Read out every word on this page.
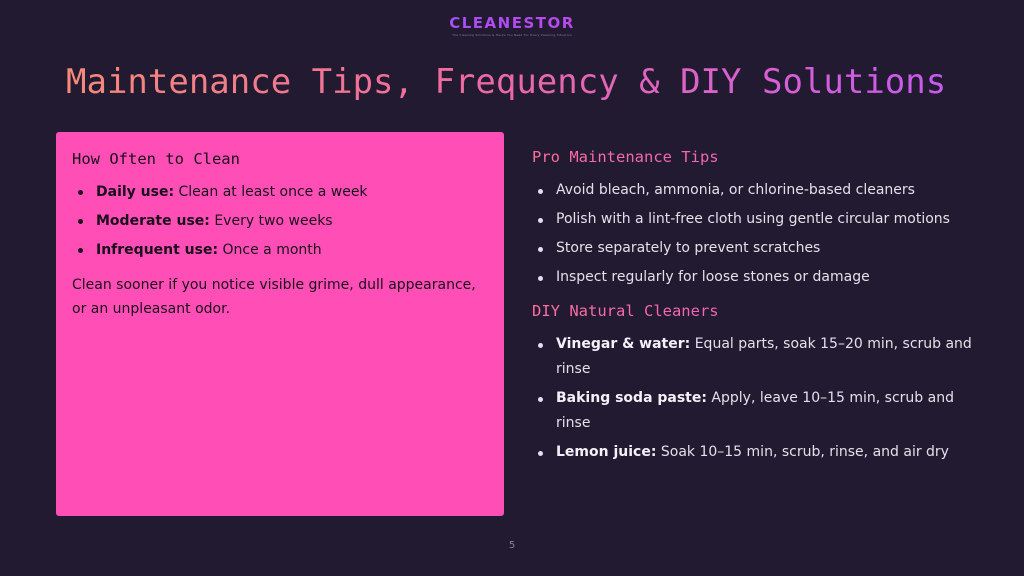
CLEANESTOR
The Cleaning Solutions & Hacks You Need For Every Cleaning Situation
Maintenance Tips, Frequency & DIY Solutions
How Often to Clean
Daily use: Clean at least once a week
Moderate use: Every two weeks
Infrequent use: Once a month

Clean sooner if you notice visible grime, dull appearance, or an unpleasant odor.

Pro Maintenance Tips
Avoid bleach, ammonia, or chlorine-based cleaners
Polish with a lint-free cloth using gentle circular motions
Store separately to prevent scratches
Inspect regularly for loose stones or damage
DIY Natural Cleaners
Vinegar & water: Equal parts, soak 15–20 min, scrub and rinse
Baking soda paste: Apply, leave 10–15 min, scrub and rinse
Lemon juice: Soak 10–15 min, scrub, rinse, and air dry
5
